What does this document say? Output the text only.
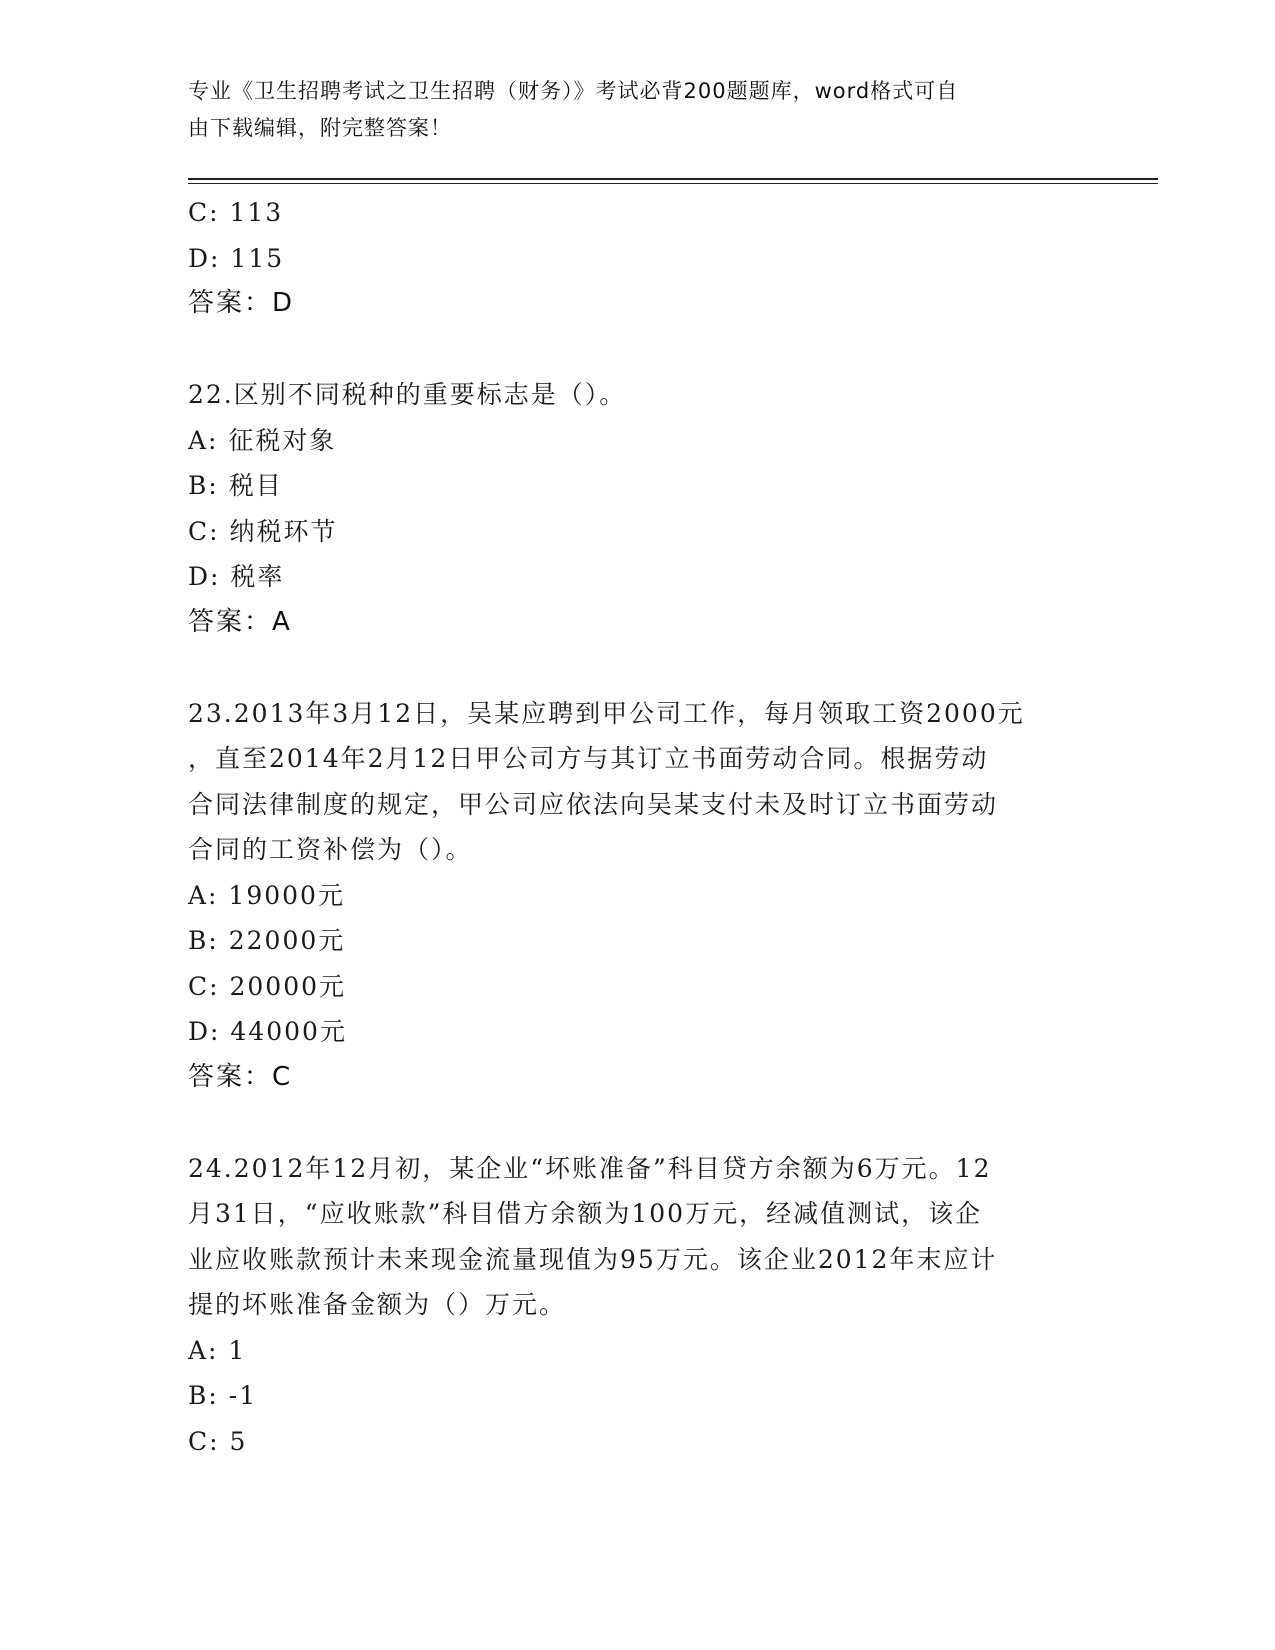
专业《卫生招聘考试之卫生招聘（财务）》考试必背200题题库，word格式可自
由下载编辑，附完整答案！
C: 113
D: 115
答案：D
22.区别不同税种的重要标志是（）。
A: 征税对象
B: 税目
C: 纳税环节
D: 税率
答案：A
23.2013年3月12日，吴某应聘到甲公司工作，每月领取工资2000元
，直至2014年2月12日甲公司方与其订立书面劳动合同。根据劳动
合同法律制度的规定，甲公司应依法向吴某支付未及时订立书面劳动
合同的工资补偿为（）。
A: 19000元
B: 22000元
C: 20000元
D: 44000元
答案：C
24.2012年12月初，某企业“坏账准备”科目贷方余额为6万元。12
月31日，“应收账款”科目借方余额为100万元，经减值测试，该企
业应收账款预计未来现金流量现值为95万元。该企业2012年末应计
提的坏账准备金额为（）万元。
A: 1
B: -1
C: 5
